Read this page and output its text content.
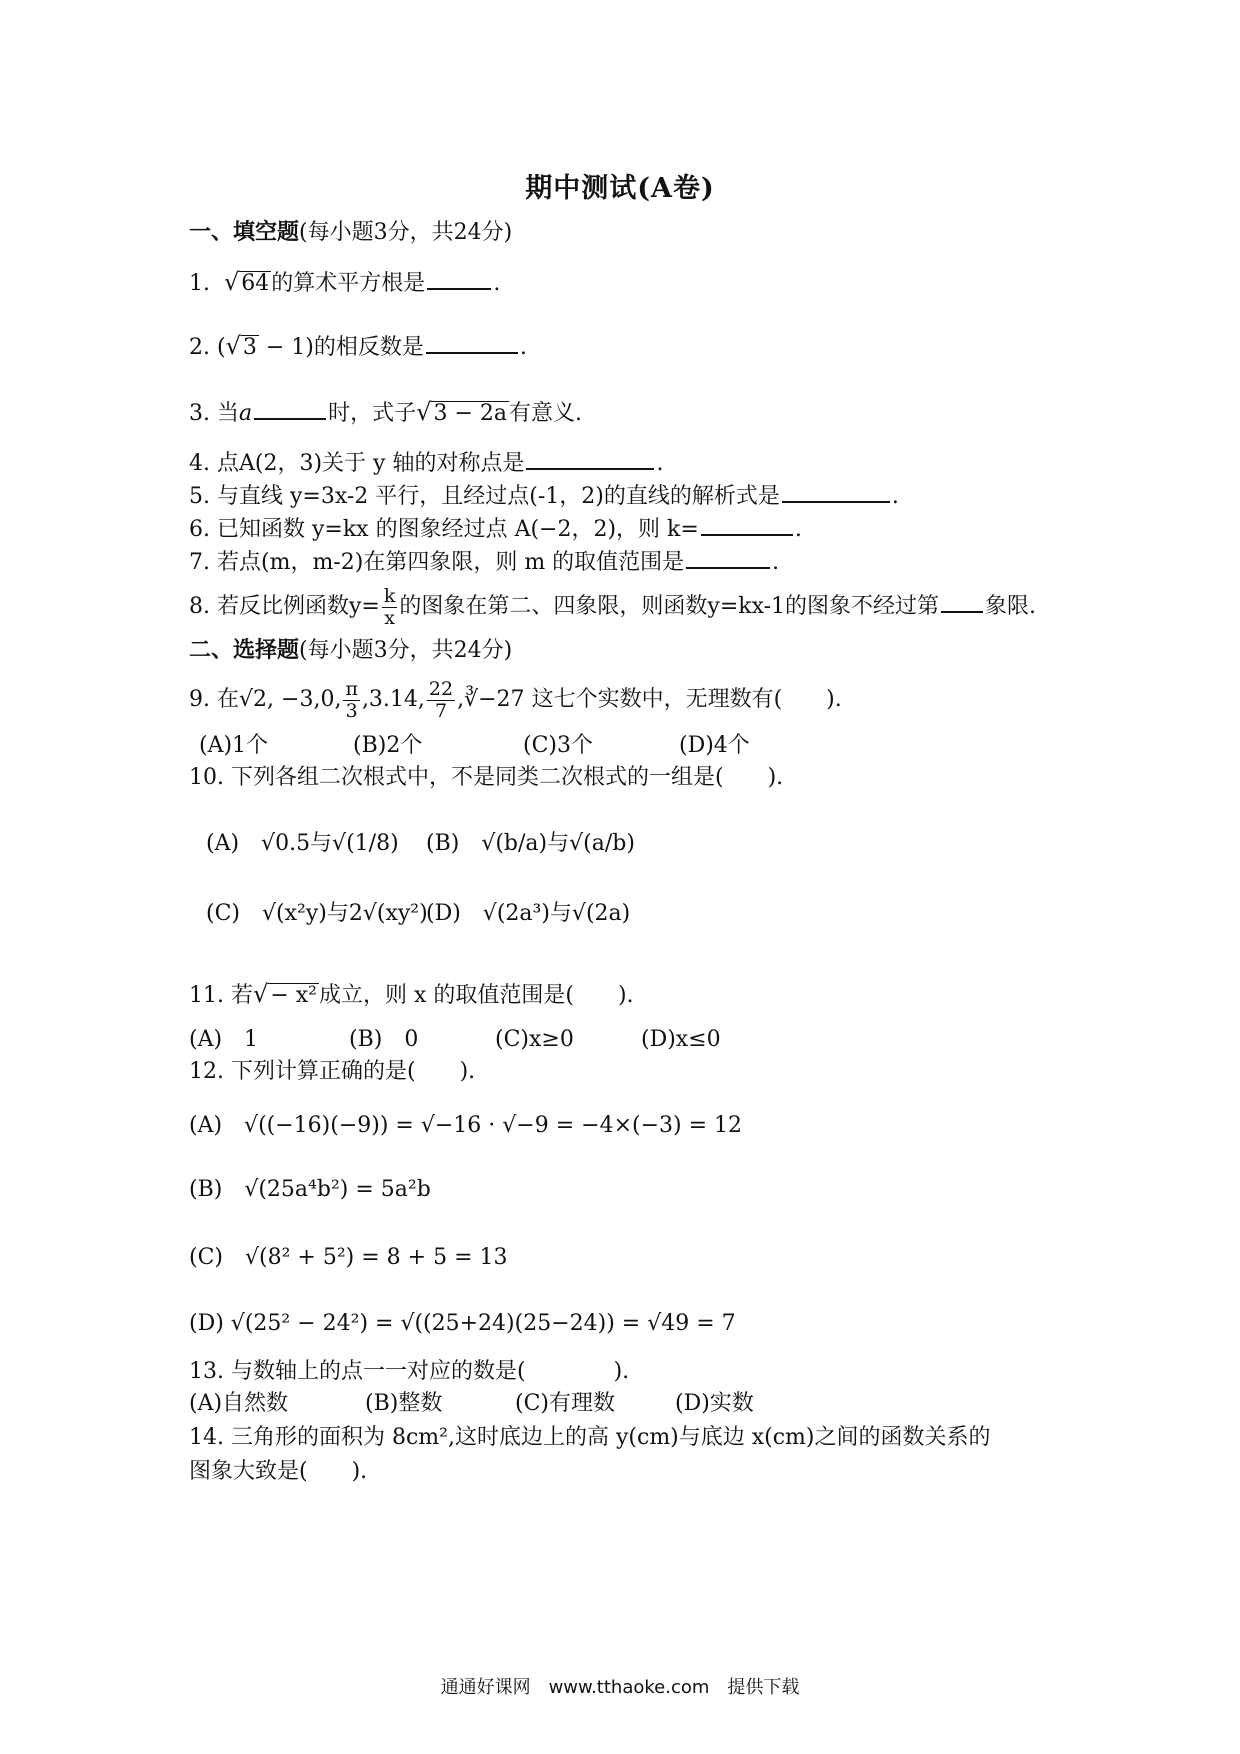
期中测试(A卷)
一、填空题(每小题3分，共24分)
1. √64的算术平方根是	.
2. (√3 − 1)的相反数是	.
3. 当a	时，式子√3 − 2a有意义.
4. 点A(2，3)关于 y 轴的对称点是	.
5. 与直线 y=3x-2 平行，且经过点(-1，2)的直线的解析式是	.
6. 已知函数 y=kx 的图象经过点 A(−2，2)，则 k=	.
7. 若点(m，m-2)在第四象限，则 m 的取值范围是	.
8. 若反比例函数$y= \frac{k}{x}$ 的图象在第二、四象限，则函数y=kx-1的图象不经过第 象限.
二、选择题(每小题3分，共24分)
9. 在√2, −3,0, $\frac{\pi}{3} ,3.14$, $\frac{22}{7}$ ,∛−27 这七个实数中，无理数有(　　).
(A)1个	(B)2个	(C)3个	(D)4个
10. 下列各组二次根式中，不是同类二次根式的一组是(　　).
(A)　√0.5与√(1/8) (B)　√(b/a)与√(a/b)
(C)　√(x²y)与2√(xy²)
(D)　√(2a³)与√(2a)
11. 若√− x²成立，则 x 的取值范围是(　　).
(A)　1	(B)　0	(C)x≥0	(D)x≤0
12. 下列计算正确的是(　　).
(A)　√((−16)(−9)) = √−16 · √−9 = −4×(−3) = 12
(B)　√(25a⁴b²) = 5a²b
(C)　√(8² + 5²) = 8 + 5 = 13
(D) √(25² − 24²) = √((25+24)(25−24)) = √49 = 7
13. 与数轴上的点一一对应的数是(　　　　).
(A)自然数	(B)整数	(C)有理数	(D)实数
14. 三角形的面积为 8cm²,这时底边上的高 y(cm)与底边 x(cm)之间的函数关系的
图象大致是(　　).
通通好课网　www.tthaoke.com　提供下载
